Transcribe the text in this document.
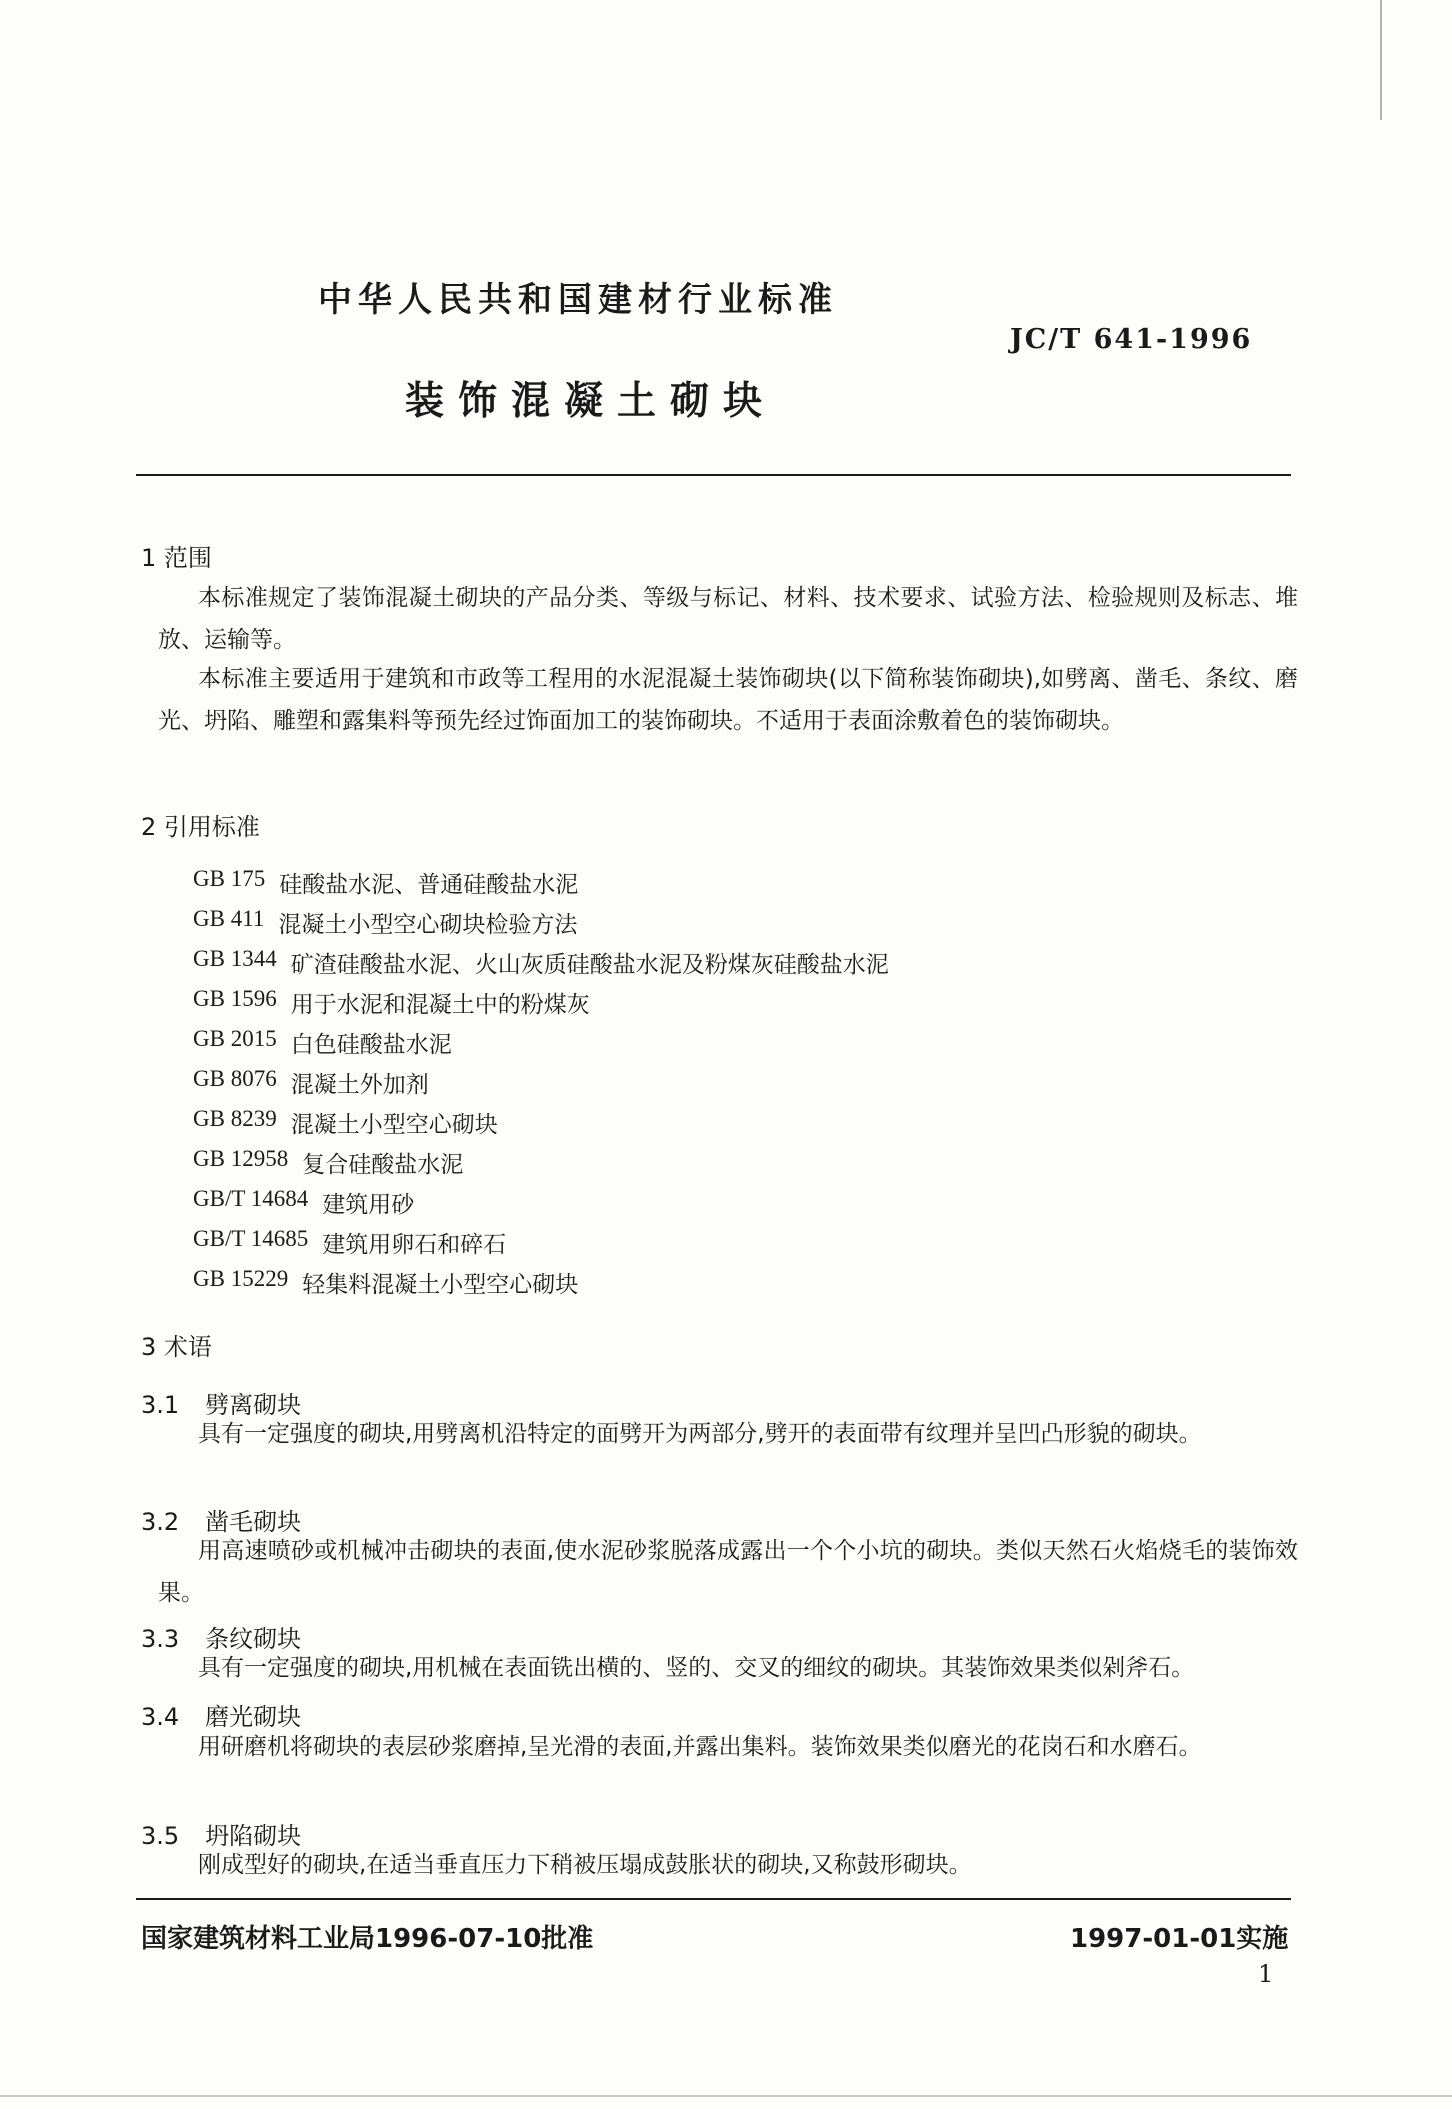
中华人民共和国建材行业标准
JC/T 641-1996
装饰混凝土砌块
1 范围
本标准规定了装饰混凝土砌块的产品分类、等级与标记、材料、技术要求、试验方法、检验规则及标志、堆放、运输等。
本标准主要适用于建筑和市政等工程用的水泥混凝土装饰砌块(以下简称装饰砌块),如劈离、凿毛、条纹、磨光、坍陷、雕塑和露集料等预先经过饰面加工的装饰砌块。不适用于表面涂敷着色的装饰砌块。
2 引用标准
GB 175 硅酸盐水泥、普通硅酸盐水泥
GB 411 混凝土小型空心砌块检验方法
GB 1344 矿渣硅酸盐水泥、火山灰质硅酸盐水泥及粉煤灰硅酸盐水泥
GB 1596 用于水泥和混凝土中的粉煤灰
GB 2015 白色硅酸盐水泥
GB 8076 混凝土外加剂
GB 8239 混凝土小型空心砌块
GB 12958 复合硅酸盐水泥
GB/T 14684 建筑用砂
GB/T 14685 建筑用卵石和碎石
GB 15229 轻集料混凝土小型空心砌块
3 术语
3.1 劈离砌块
具有一定强度的砌块,用劈离机沿特定的面劈开为两部分,劈开的表面带有纹理并呈凹凸形貌的砌块。
3.2 凿毛砌块
用高速喷砂或机械冲击砌块的表面,使水泥砂浆脱落成露出一个个小坑的砌块。类似天然石火焰烧毛的装饰效果。
3.3 条纹砌块
具有一定强度的砌块,用机械在表面铣出横的、竖的、交叉的细纹的砌块。其装饰效果类似剁斧石。
3.4 磨光砌块
用研磨机将砌块的表层砂浆磨掉,呈光滑的表面,并露出集料。装饰效果类似磨光的花岗石和水磨石。
3.5 坍陷砌块
刚成型好的砌块,在适当垂直压力下稍被压塌成鼓胀状的砌块,又称鼓形砌块。
国家建筑材料工业局1996-07-10批准	1997-01-01实施
1
